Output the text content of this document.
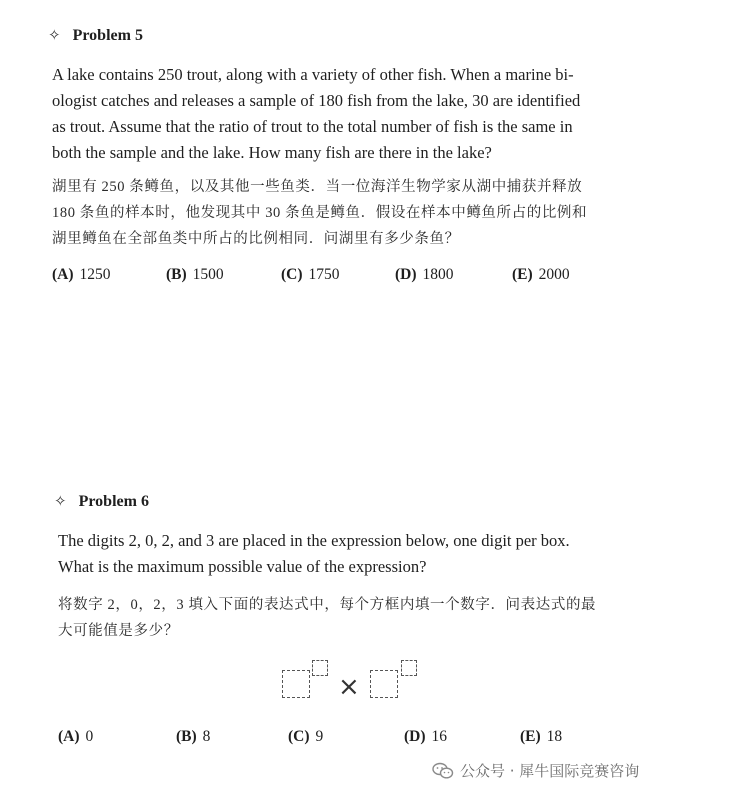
✧ Problem 5
A lake contains 250 trout, along with a variety of other fish. When a marine bi-
ologist catches and releases a sample of 180 fish from the lake, 30 are identified
as trout. Assume that the ratio of trout to the total number of fish is the same in
both the sample and the lake. How many fish are there in the lake?
湖里有 250 条鳟鱼，以及其他一些鱼类．当一位海洋生物学家从湖中捕获并释放
180 条鱼的样本时，他发现其中 30 条鱼是鳟鱼．假设在样本中鳟鱼所占的比例和
湖里鳟鱼在全部鱼类中所占的比例相同．问湖里有多少条鱼？
(A) 1250	(B) 1500	(C) 1750	(D) 1800	(E) 2000
✧ Problem 6
The digits 2, 0, 2, and 3 are placed in the expression below, one digit per box.
What is the maximum possible value of the expression?
将数字 2，0，2，3 填入下面的表达式中，每个方框内填一个数字．问表达式的最
大可能值是多少？
×
(A) 0	(B) 8	(C) 9	(D) 16	(E) 18
公众号 · 犀牛国际竞赛咨询
